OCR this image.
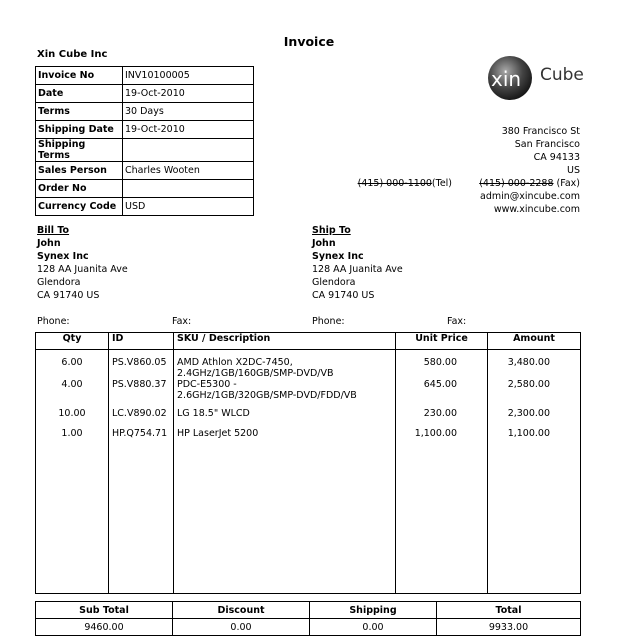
Invoice
Xin Cube Inc
Invoice No	INV10100005
Date	19-Oct-2010
Terms	30 Days
Shipping Date	19-Oct-2010
Shipping Terms	
Sales Person	Charles Wooten
Order No	
Currency Code	USD
xin Cube
380 Francisco St
San Francisco
CA 94133
US
(415) 000-1100(Tel)	(415) 000-2288 (Fax)
admin@xincube.com
www.xincube.com
Bill To
John
Synex Inc
128 AA Juanita Ave
Glendora
CA 91740 US
Ship To
John
Synex Inc
128 AA Juanita Ave
Glendora
CA 91740 US
Phone:	Fax:	Phone:	Fax:
Qty	ID	SKU / Description	Unit Price	Amount
6.00	PS.V860.05	AMD Athlon X2DC-7450,
2.4GHz/1GB/160GB/SMP-DVD/VB	580.00	3,480.00
4.00	PS.V880.37	PDC-E5300 -
2.6GHz/1GB/320GB/SMP-DVD/FDD/VB	645.00	2,580.00
10.00	LC.V890.02	LG 18.5" WLCD	230.00	2,300.00
1.00	HP.Q754.71	HP LaserJet 5200	1,100.00	1,100.00

Sub Total	Discount	Shipping	Total
9460.00	0.00	0.00	9933.00
